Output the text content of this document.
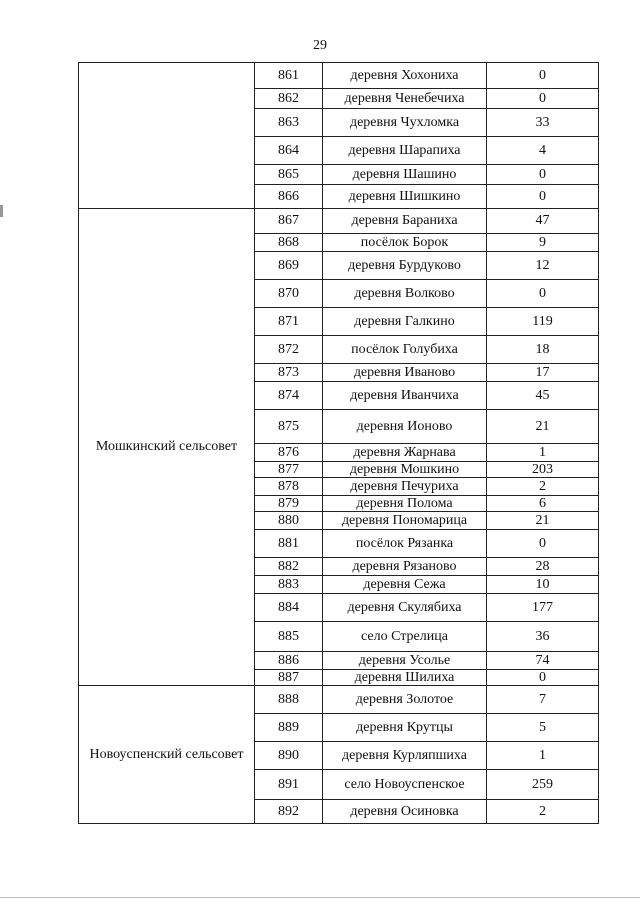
29
	861	деревня Хохониха	0
	862	деревня Ченебечиха	0
	863	деревня Чухломка	33
	864	деревня Шарапиха	4
	865	деревня Шашино	0
	866	деревня Шишкино	0
Мошкинский сельсовет	867	деревня Бараниха	47
	868	посёлок Борок	9
	869	деревня Бурдуково	12
	870	деревня Волково	0
	871	деревня Галкино	119
	872	посёлок Голубиха	18
	873	деревня Иваново	17
	874	деревня Иванчиха	45
	875	деревня Ионово	21
	876	деревня Жарнава	1
	877	деревня Мошкино	203
	878	деревня Печуриха	2
	879	деревня Полома	6
	880	деревня Пономарица	21
	881	посёлок Рязанка	0
	882	деревня Рязаново	28
	883	деревня Сежа	10
	884	деревня Скулябиха	177
	885	село Стрелица	36
	886	деревня Усолье	74
	887	деревня Шилиха	0
Новоуспенский сельсовет	888	деревня Золотое	7
	889	деревня Крутцы	5
	890	деревня Курляпшиха	1
	891	село Новоуспенское	259
	892	деревня Осиновка	2
